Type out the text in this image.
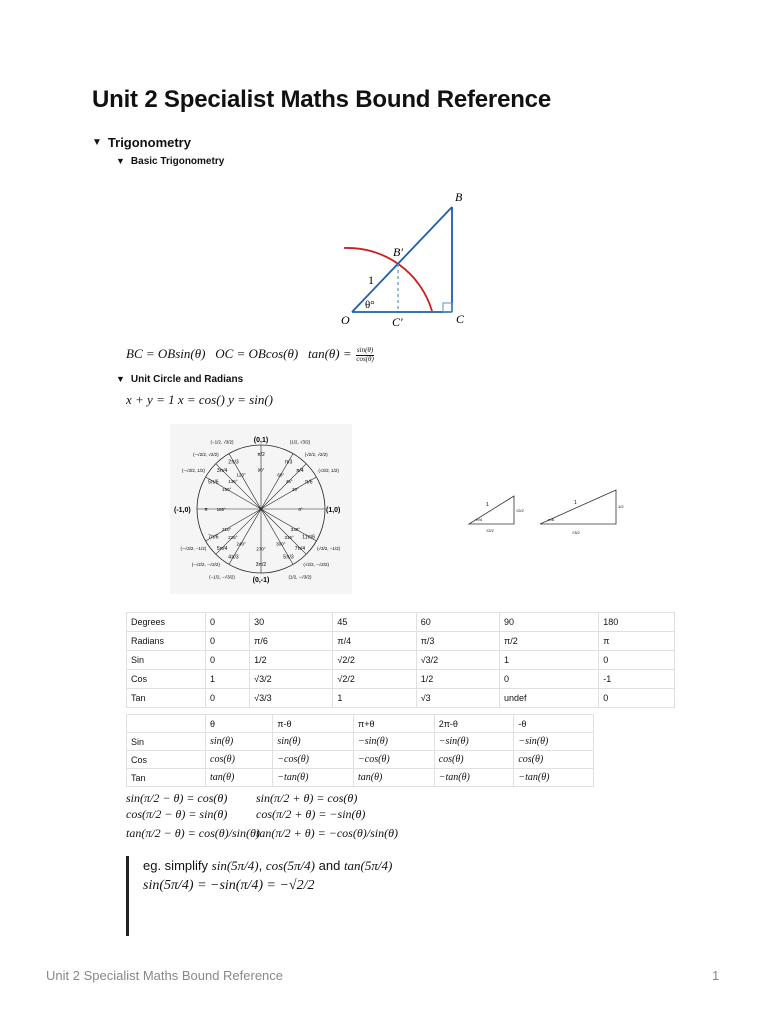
Unit 2 Specialist Maths Bound Reference
▼ Trigonometry
▼ Basic Trigonometry
B
B′
1
θ°
O	C′	C
BC = OBsin(θ) OC = OBcos(θ) $\tan(\theta) = \frac{\sin(\theta)}{\cos(\theta)}$
▼ Unit Circle and Radians
x + y = 1 x = cos() y = sin()
0°
30°
45°
60°
90°
120°
135°
150°
180°
210°
225°
240°
270°
300°
315°
330°
π/6
π/4
π/3
π/2
2π/3
3π/4
5π/6
π
7π/6
5π/4
4π/3
3π/2
5π/3
7π/4
11π/6
(1/2, √3/2)
(√2/2, √2/2)
(√3/2, 1/2)
(−1/2, √3/2)
(−√2/2, √2/2)
(−√3/2, 1/2)
(−√3/2, −1/2)
(−√2/2, −√2/2)
(−1/2, −√3/2)	(1/2, −√3/2)
(√2/2, −√2/2)
(√3/2, −1/2)
(0,1)
(0,-1)
(-1,0)	(1,0)
1
√2/2
√2/2
π/4
1
1/2
√3/2
π/6
Degrees	0	30	45	60	90	180
Radians	0	π/6	π/4	π/3	π/2	π
Sin	0	1/2	√2/2	√3/2	1	0
Cos	1	√3/2	√2/2	1/2	0	-1
Tan	0	√3/3	1	√3	undef	0
	θ	π-θ	π+θ	2π-θ	-θ
Sin	sin(θ)	sin(θ)	−sin(θ)	−sin(θ)	−sin(θ)
Cos	cos(θ)	−cos(θ)	−cos(θ)	cos(θ)	cos(θ)
Tan	tan(θ)	−tan(θ)	tan(θ)	−tan(θ)	−tan(θ)
sin(π/2 − θ) = cos(θ)	sin(π/2 + θ) = cos(θ)
cos(π/2 − θ) = sin(θ)	cos(π/2 + θ) = −sin(θ)
tan(π/2 − θ) = cos(θ)/sin(θ)
tan(π/2 + θ) = −cos(θ)/sin(θ)
eg. simplify sin(5π/4), cos(5π/4) and tan(5π/4)
sin(5π/4) = −sin(π/4) = −√2/2
Unit 2 Specialist Maths Bound Reference	1
